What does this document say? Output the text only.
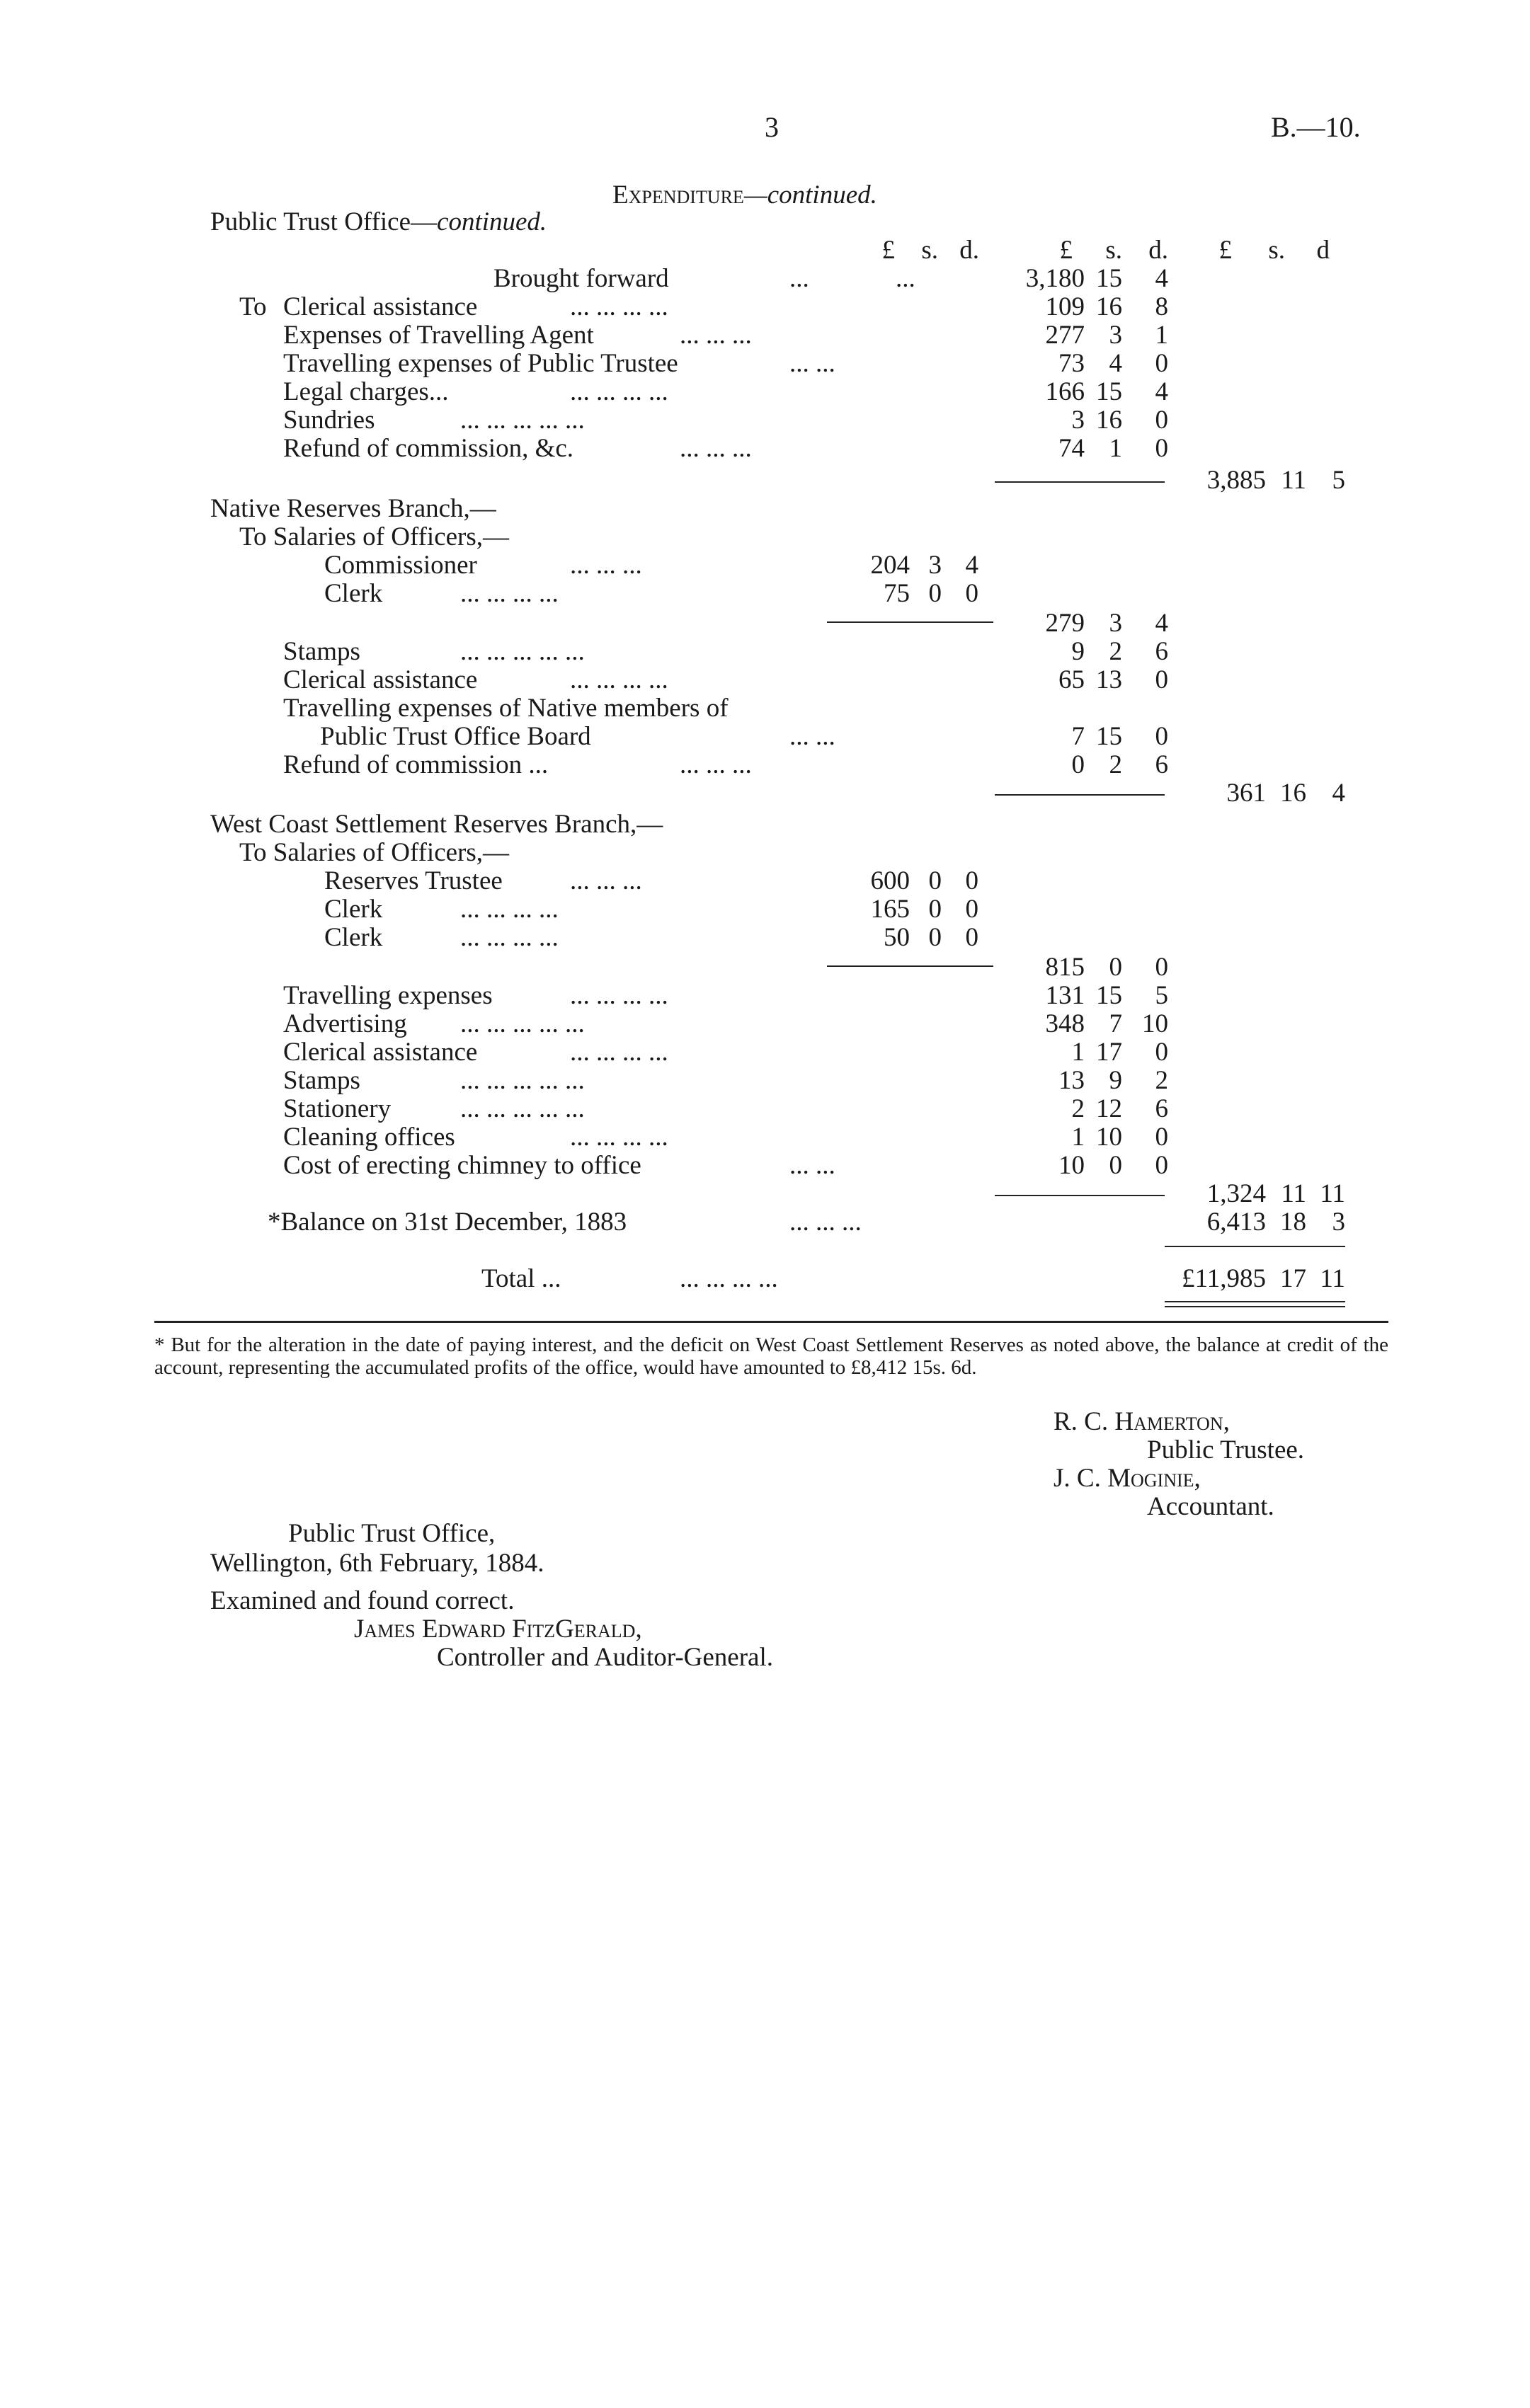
3	B.—10.
Expenditure—continued.
Public Trust Office—continued.
£	s. d.	£	s.	d.	£	s.	d
Brought forward	...	...	3,180 15	4
To Clerical assistance	... ... ... ...	109 16	8
Expenses of Travelling Agent	... ... ...	277 3	1
Travelling expenses of Public Trustee	... ...	73 4	0
Legal charges...	... ... ... ...	166 15	4
Sundries	... ... ... ... ...	3 16	0
Refund of commission, &c.	... ... ...	74 1	0
3,885 11 5
Native Reserves Branch,—
To Salaries of Officers,—
Commissioner	... ... ...	204 3 4
Clerk	... ... ... ...	75 0 0
279 3	4
Stamps	... ... ... ... ...	9 2	6
Clerical assistance	... ... ... ...	65 13	0
Travelling expenses of Native members of
Public Trust Office Board	... ...	7 15	0
Refund of commission ...	... ... ...	0 2	6
361 16 4
West Coast Settlement Reserves Branch,—
To Salaries of Officers,—
Reserves Trustee	... ... ...	600 0 0
Clerk	... ... ... ...	165 0 0
Clerk	... ... ... ...	50 0 0
815 0	0
Travelling expenses	... ... ... ...	131 15	5
Advertising ... ... ... ... ...	348 7 10
Clerical assistance	... ... ... ...	1 17	0
Stamps	... ... ... ... ...	13 9	2
Stationery	... ... ... ... ...	2 12	6
Cleaning offices	... ... ... ...	1 10	0
Cost of erecting chimney to office	... ...	10 0	0
1,324 11 11
*Balance on 31st December, 1883	... ... ...	6,413 18 3
Total ...	... ... ... ...	£11,985 17 11
* But for the alteration in the date of paying interest, and the deficit on West Coast Settlement Reserves as noted above, the balance at credit of the account, representing the accumulated profits of the office, would have amounted to £8,412 15s. 6d.
R. C. Hamerton,
Public Trustee.
J. C. Moginie,
Accountant.
Public Trust Office,
Wellington, 6th February, 1884.
Examined and found correct.
James Edward FitzGerald,
Controller and Auditor-General.
